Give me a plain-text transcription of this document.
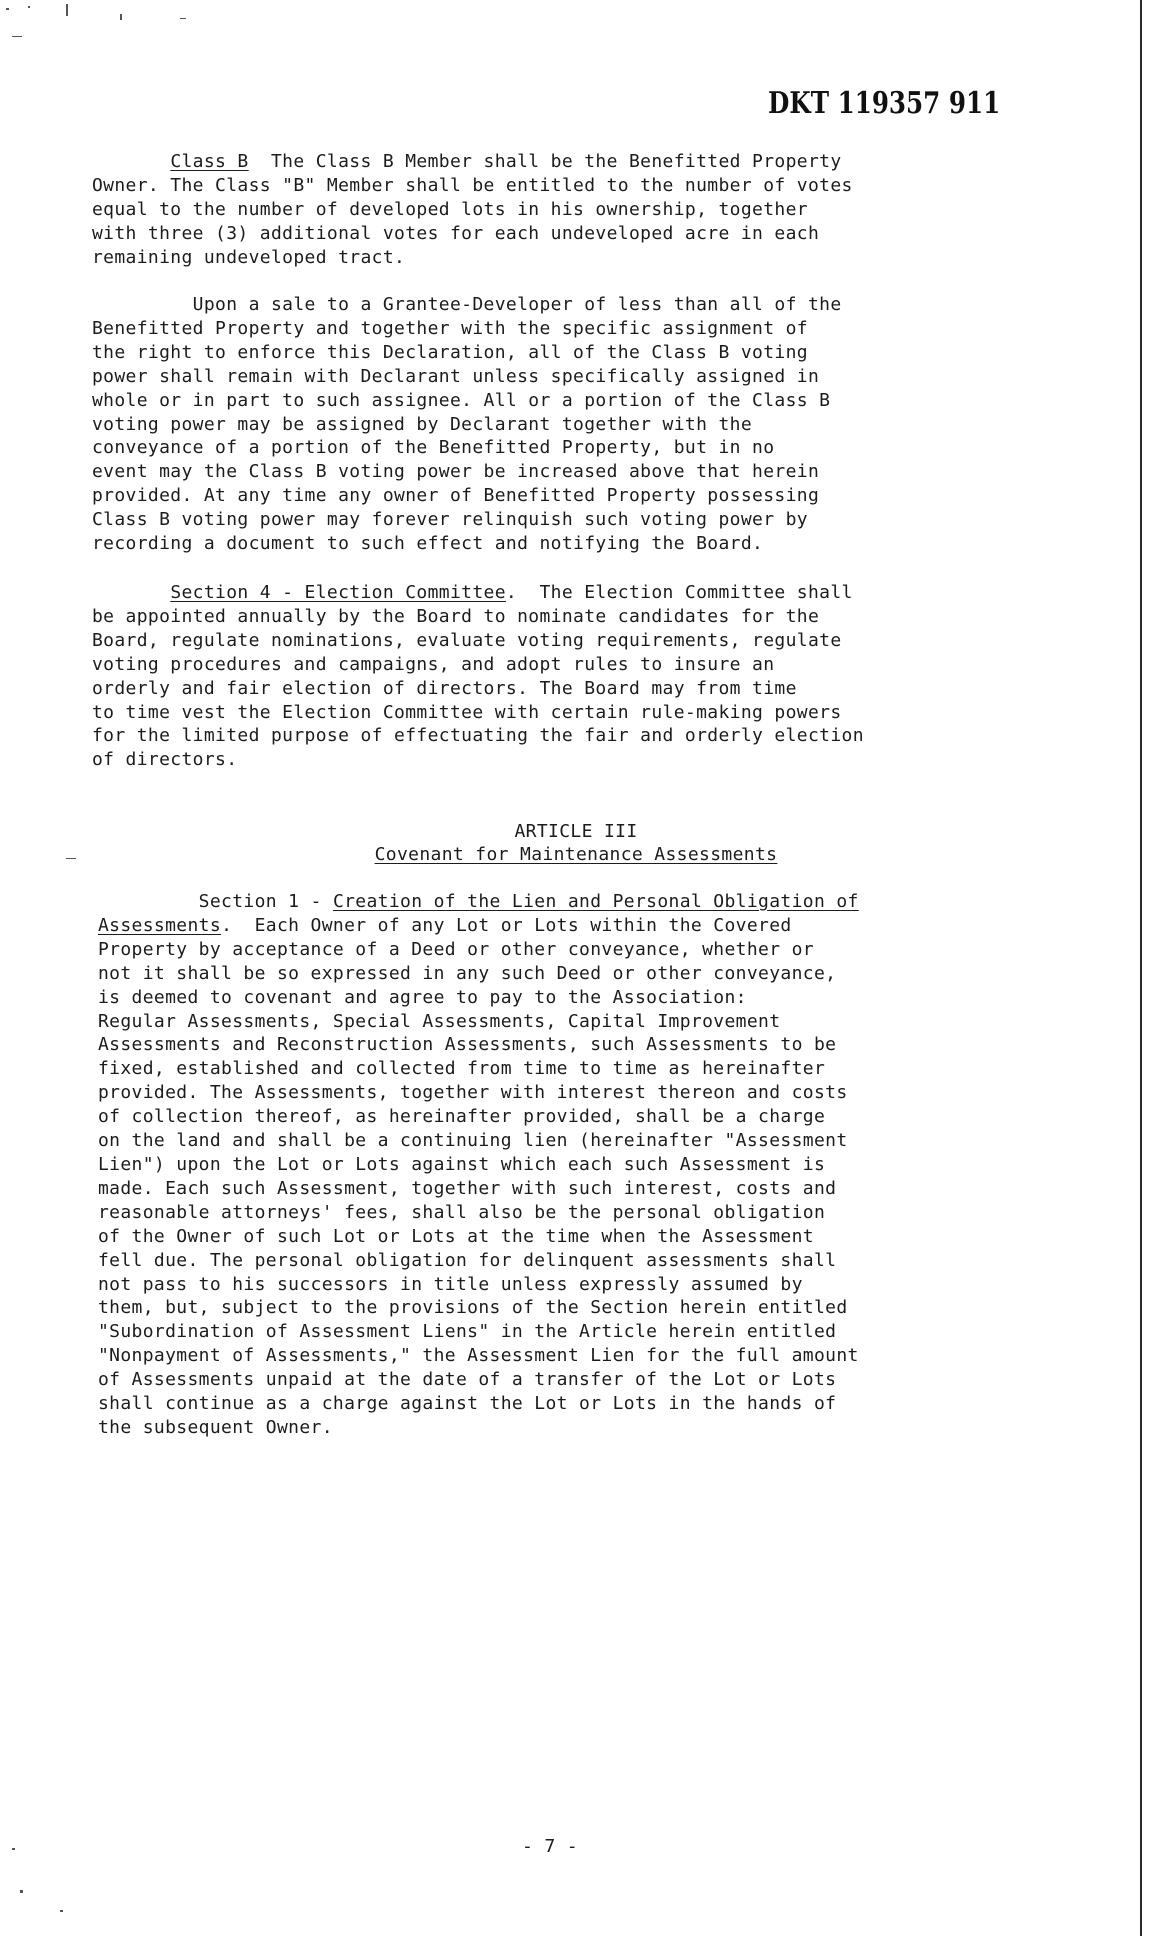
DKT 119357 911
Class B  The Class B Member shall be the Benefitted Property
Owner. The Class "B" Member shall be entitled to the number of votes
equal to the number of developed lots in his ownership, together
with three (3) additional votes for each undeveloped acre in each
remaining undeveloped tract.
Upon a sale to a Grantee-Developer of less than all of the
Benefitted Property and together with the specific assignment of
the right to enforce this Declaration, all of the Class B voting
power shall remain with Declarant unless specifically assigned in
whole or in part to such assignee. All or a portion of the Class B
voting power may be assigned by Declarant together with the
conveyance of a portion of the Benefitted Property, but in no
event may the Class B voting power be increased above that herein
provided. At any time any owner of Benefitted Property possessing
Class B voting power may forever relinquish such voting power by
recording a document to such effect and notifying the Board.
Section 4 - Election Committee.  The Election Committee shall
be appointed annually by the Board to nominate candidates for the
Board, regulate nominations, evaluate voting requirements, regulate
voting procedures and campaigns, and adopt rules to insure an
orderly and fair election of directors. The Board may from time
to time vest the Election Committee with certain rule-making powers
for the limited purpose of effectuating the fair and orderly election
of directors.
ARTICLE III
Covenant for Maintenance Assessments
Section 1 - Creation of the Lien and Personal Obligation of
Assessments.  Each Owner of any Lot or Lots within the Covered
Property by acceptance of a Deed or other conveyance, whether or
not it shall be so expressed in any such Deed or other conveyance,
is deemed to covenant and agree to pay to the Association:
Regular Assessments, Special Assessments, Capital Improvement
Assessments and Reconstruction Assessments, such Assessments to be
fixed, established and collected from time to time as hereinafter
provided. The Assessments, together with interest thereon and costs
of collection thereof, as hereinafter provided, shall be a charge
on the land and shall be a continuing lien (hereinafter "Assessment
Lien") upon the Lot or Lots against which each such Assessment is
made. Each such Assessment, together with such interest, costs and
reasonable attorneys' fees, shall also be the personal obligation
of the Owner of such Lot or Lots at the time when the Assessment
fell due. The personal obligation for delinquent assessments shall
not pass to his successors in title unless expressly assumed by
them, but, subject to the provisions of the Section herein entitled
"Subordination of Assessment Liens" in the Article herein entitled
"Nonpayment of Assessments," the Assessment Lien for the full amount
of Assessments unpaid at the date of a transfer of the Lot or Lots
shall continue as a charge against the Lot or Lots in the hands of
the subsequent Owner.
- 7 -
